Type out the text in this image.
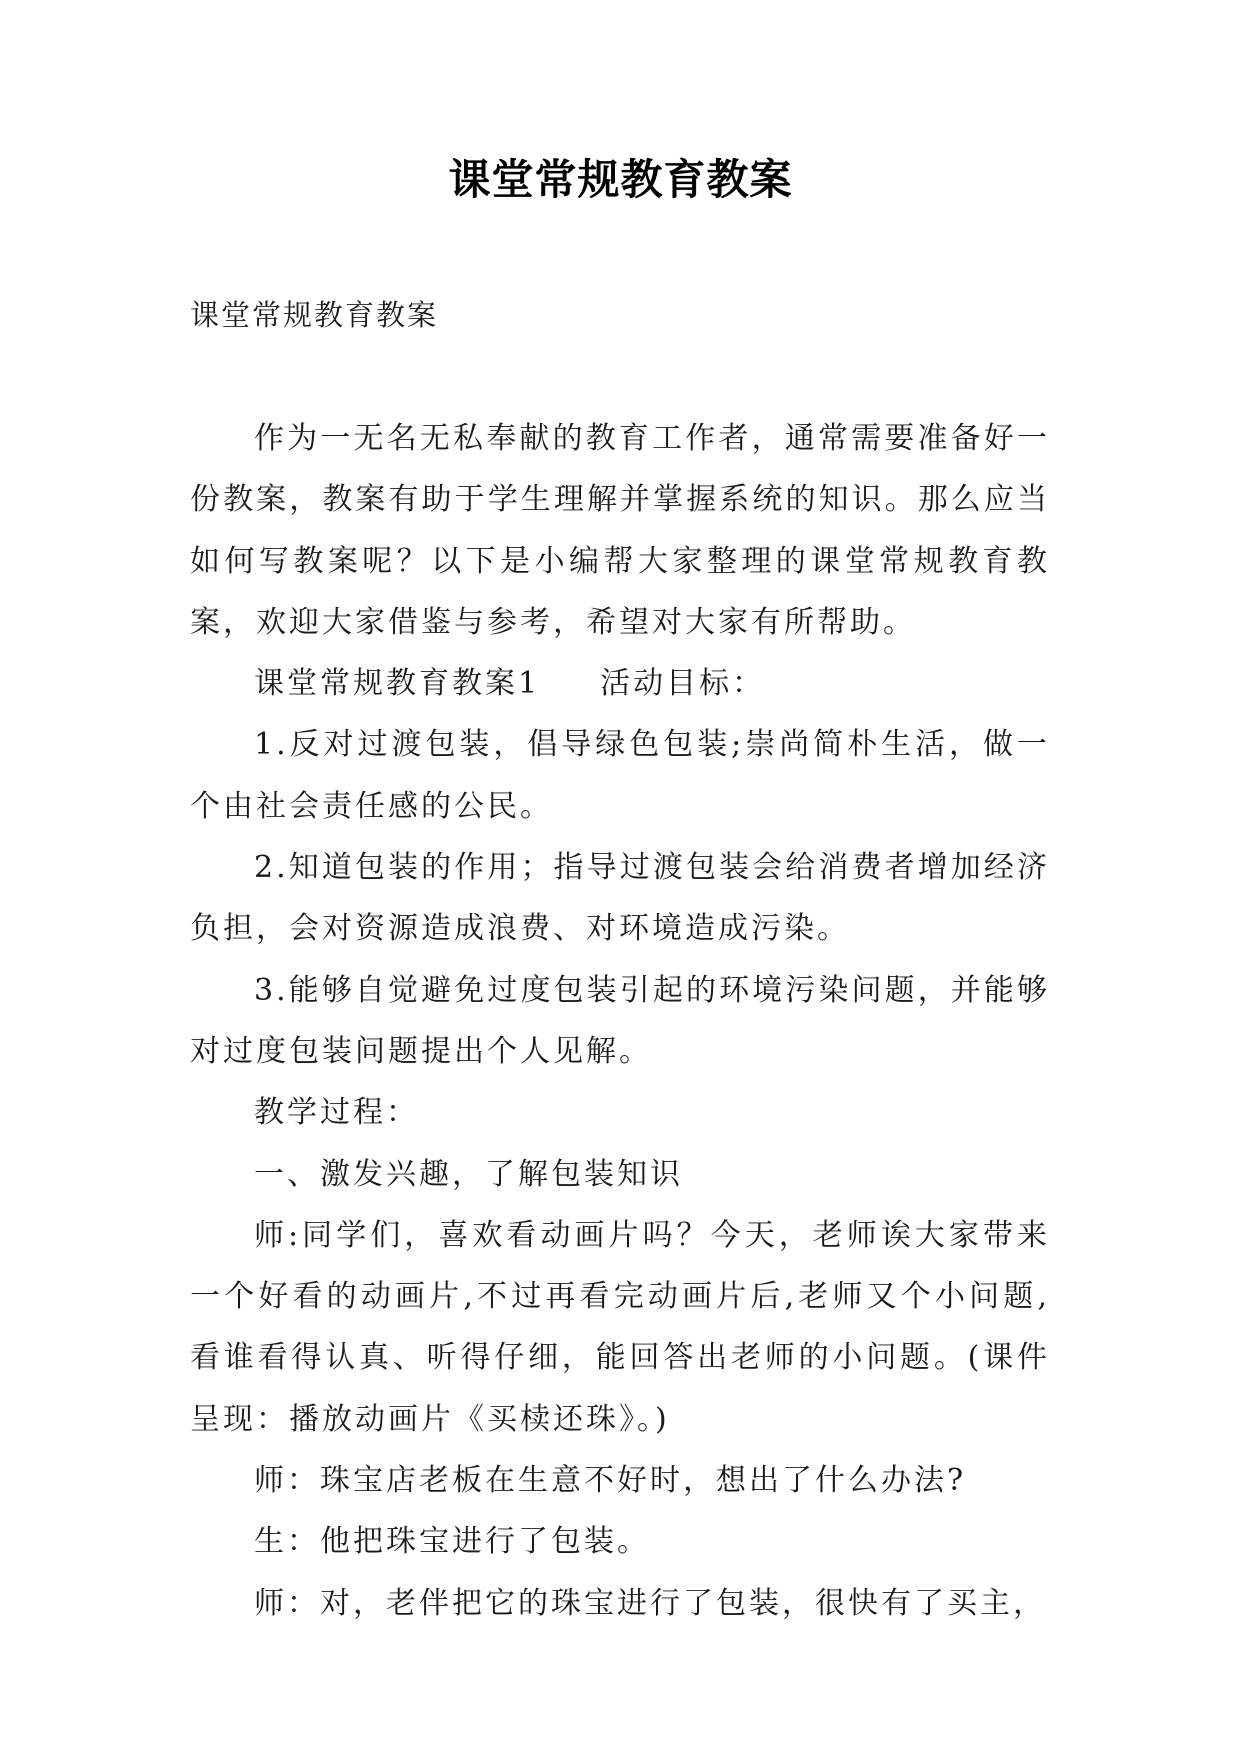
课堂常规教育教案
课堂常规教育教案

作为一无名无私奉献的教育工作者，通常需要准备好一份教案，教案有助于学生理解并掌握系统的知识。那么应当如何写教案呢？以下是小编帮大家整理的课堂常规教育教案，欢迎大家借鉴与参考，希望对大家有所帮助。

课堂常规教育教案1 活动目标：

1.反对过渡包装，倡导绿色包装;崇尚简朴生活，做一个由社会责任感的公民。

2.知道包装的作用；指导过渡包装会给消费者增加经济负担，会对资源造成浪费、对环境造成污染。

3.能够自觉避免过度包装引起的环境污染问题，并能够对过度包装问题提出个人见解。

教学过程：

一、激发兴趣，了解包装知识

师:同学们，喜欢看动画片吗？今天，老师诶大家带来一个好看的动画片,不过再看完动画片后,老师又个小问题,看谁看得认真、听得仔细，能回答出老师的小问题。(课件呈现：播放动画片《买椟还珠》。)

师：珠宝店老板在生意不好时，想出了什么办法?

生：他把珠宝进行了包装。

师：对，老伴把它的珠宝进行了包装，很快有了买主，
